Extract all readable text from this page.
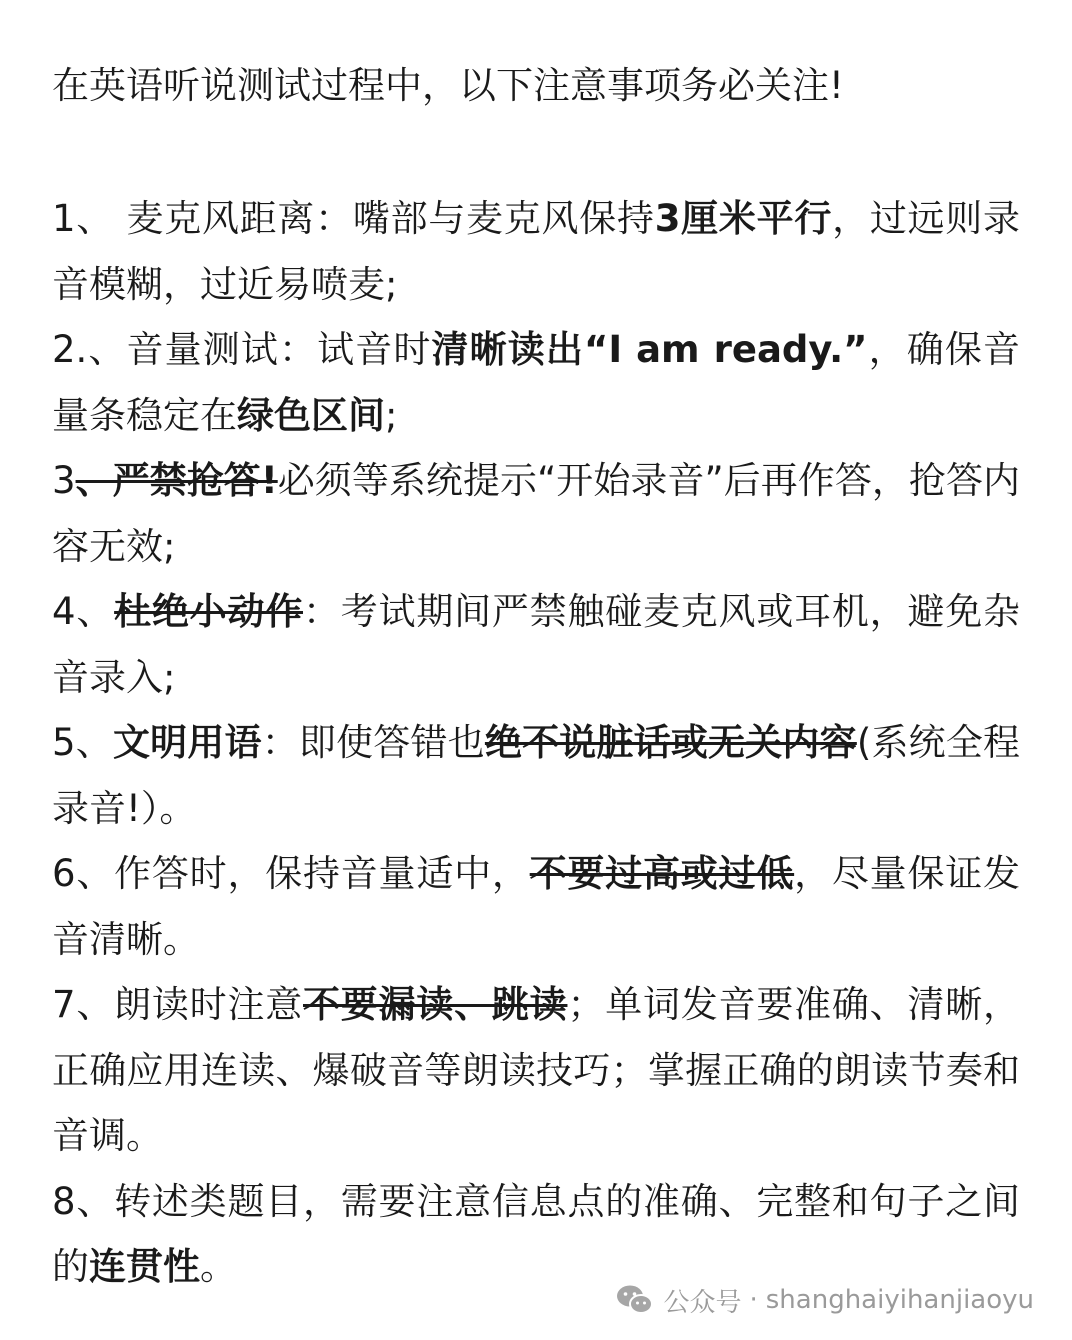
在英语听说测试过程中，以下注意事项务必关注!

1、 麦克风距离：嘴部与麦克风保持3厘米平行，过远则录音模糊，过近易喷麦;

2.、音量测试：试音时清晰读出“I am ready.”，确保音量条稳定在绿色区间;

3、严禁抢答!必须等系统提示“开始录音”后再作答，抢答内容无效;

4、杜绝小动作：考试期间严禁触碰麦克风或耳机，避免杂音录入;

5、文明用语：即使答错也绝不说脏话或无关内容(系统全程录音!）。

6、作答时，保持音量适中，不要过高或过低，尽量保证发音清晰。

7、朗读时注意不要漏读、跳读；单词发音要准确、清晰，正确应用连读、爆破音等朗读技巧；掌握正确的朗读节奏和音调。

8、转述类题目，需要注意信息点的准确、完整和句子之间的连贯性。

公众号 · shanghaiyihanjiaoyu
